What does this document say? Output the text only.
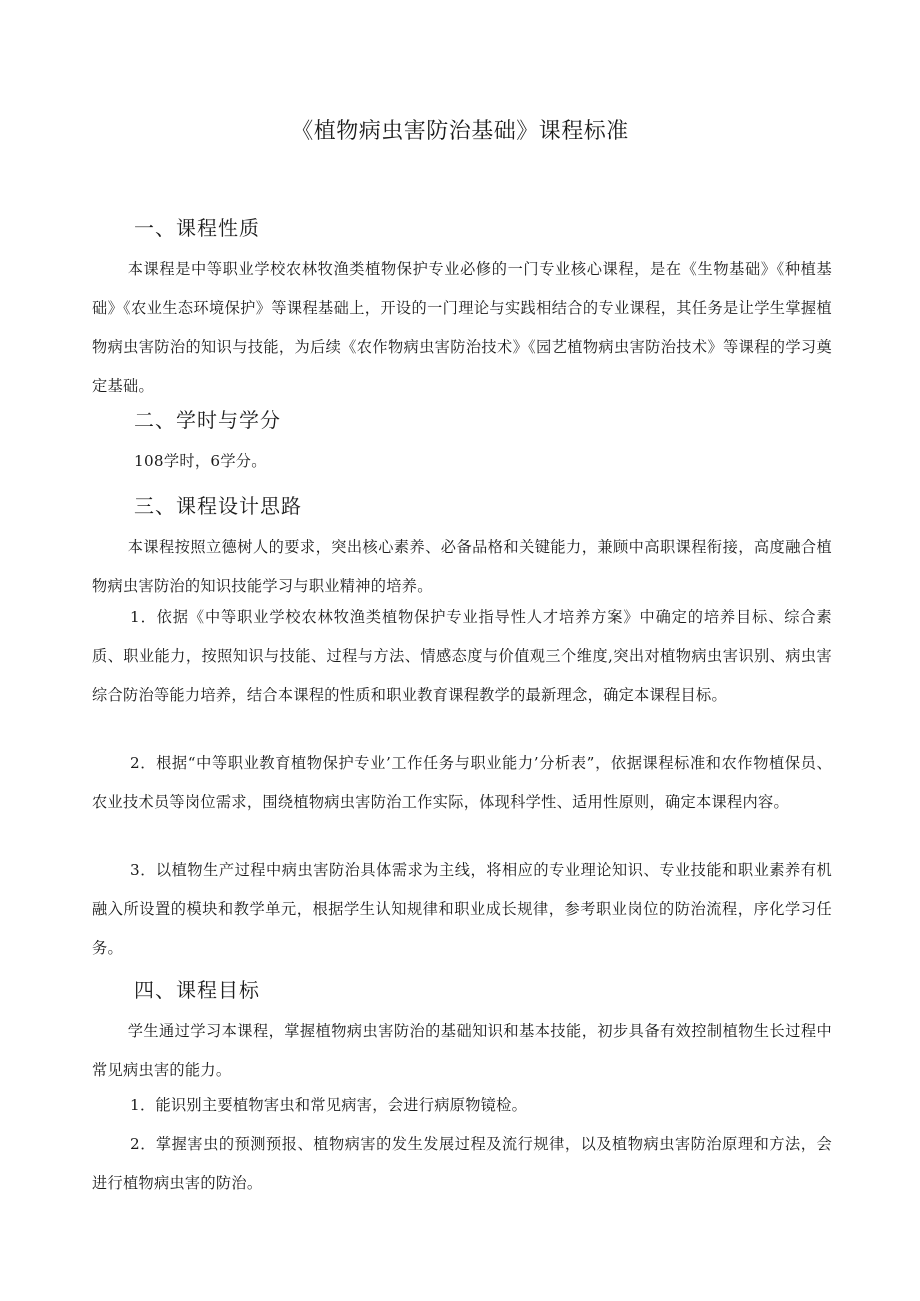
《植物病虫害防治基础》课程标准
一、课程性质
本课程是中等职业学校农林牧渔类植物保护专业必修的一门专业核心课程，是在《生物基础》《种植基础》《农业生态环境保护》等课程基础上，开设的一门理论与实践相结合的专业课程，其任务是让学生掌握植物病虫害防治的知识与技能，为后续《农作物病虫害防治技术》《园艺植物病虫害防治技术》等课程的学习奠定基础。
二、学时与学分
108学时，6学分。
三、课程设计思路
本课程按照立德树人的要求，突出核心素养、必备品格和关键能力，兼顾中高职课程衔接，高度融合植物病虫害防治的知识技能学习与职业精神的培养。
1．依据《中等职业学校农林牧渔类植物保护专业指导性人才培养方案》中确定的培养目标、综合素质、职业能力，按照知识与技能、过程与方法、情感态度与价值观三个维度,突出对植物病虫害识别、病虫害综合防治等能力培养，结合本课程的性质和职业教育课程教学的最新理念，确定本课程目标。
2．根据“中等职业教育植物保护专业’工作任务与职业能力’分析表”，依据课程标准和农作物植保员、农业技术员等岗位需求，围绕植物病虫害防治工作实际，体现科学性、适用性原则，确定本课程内容。
3．以植物生产过程中病虫害防治具体需求为主线，将相应的专业理论知识、专业技能和职业素养有机融入所设置的模块和教学单元，根据学生认知规律和职业成长规律，参考职业岗位的防治流程，序化学习任务。
四、课程目标
学生通过学习本课程，掌握植物病虫害防治的基础知识和基本技能，初步具备有效控制植物生长过程中常见病虫害的能力。
1．能识别主要植物害虫和常见病害，会进行病原物镜检。
2．掌握害虫的预测预报、植物病害的发生发展过程及流行规律，以及植物病虫害防治原理和方法，会进行植物病虫害的防治。
